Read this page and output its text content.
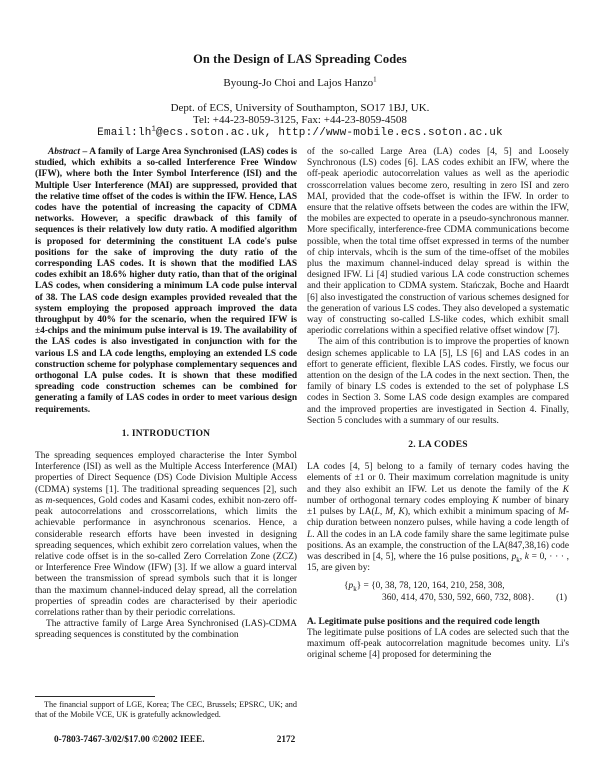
On the Design of LAS Spreading Codes
Byoung-Jo Choi and Lajos Hanzo$^1$
Dept. of ECS, University of Southampton, SO17 1BJ, UK.
Tel: +44-23-8059-3125, Fax: +44-23-8059-4508
$Email:lh^1@ecs.soton.ac.uk$, http://www-mobile.ecs.soton.ac.uk

Abstract – A family of Large Area Synchronised (LAS) codes is studied, which exhibits a so-called Interference Free Window (IFW), where both the Inter Symbol Interference (ISI) and the Multiple User Interference (MAI) are suppressed, provided that the relative time offset of the codes is within the IFW. Hence, LAS codes have the potential of increasing the capacity of CDMA networks. However, a specific drawback of this family of sequences is their relatively low duty ratio. A modified algorithm is proposed for determining the constituent LA code's pulse positions for the sake of improving the duty ratio of the corresponding LAS codes. It is shown that the modified LAS codes exhibit an 18.6% higher duty ratio, than that of the original LAS codes, when considering a minimum LA code pulse interval of 38. The LAS code design examples provided revealed that the system employing the proposed approach improved the data throughput by 40% for the scenario, when the required IFW is ±4-chips and the minimum pulse interval is 19. The availability of the LAS codes is also investigated in conjunction with for the various LS and LA code lengths, employing an extended LS code construction scheme for polyphase complementary sequences and orthogonal LA pulse codes. It is shown that these modified spreading code construction schemes can be combined for generating a family of LAS codes in order to meet various design requirements.

1. INTRODUCTION

The spreading sequences employed characterise the Inter Symbol Interference (ISI) as well as the Multiple Access Interference (MAI) properties of Direct Sequence (DS) Code Division Multiple Access (CDMA) systems [1]. The traditional spreading sequences [2], such as m-sequences, Gold codes and Kasami codes, exhibit non-zero off-peak autocorrelations and crosscorrelations, which limits the achievable performance in asynchronous scenarios. Hence, a considerable research efforts have been invested in designing spreading sequences, which exhibit zero correlation values, when the relative code offset is in the so-called Zero Correlation Zone (ZCZ) or Interference Free Window (IFW) [3]. If we allow a guard interval between the transmission of spread symbols such that it is longer than the maximum channel-induced delay spread, all the correlation properties of spreadin codes are characterised by their aperiodic correlations rather than by their periodic correlations.

The attractive family of Large Area Synchronised (LAS)-CDMA spreading sequences is constituted by the combination

The financial support of LGE, Korea; The CEC, Brussels; EPSRC, UK; and that of the Mobile VCE, UK is gratefully acknowledged.

of the so-called Large Area (LA) codes [4, 5] and Loosely Synchronous (LS) codes [6]. LAS codes exhibit an IFW, where the off-peak aperiodic autocorrelation values as well as the aperiodic crosscorrelation values become zero, resulting in zero ISI and zero MAI, provided that the code-offset is within the IFW. In order to ensure that the relative offsets between the codes are within the IFW, the mobiles are expected to operate in a pseudo-synchronous manner. More specifically, interference-free CDMA communications become possible, when the total time offset expressed in terms of the number of chip intervals, whcih is the sum of the time-offset of the mobiles plus the maximum channel-induced delay spread is within the designed IFW. Li [4] studied various LA code construction schemes and their application to CDMA system. Stańczak, Boche and Haardt [6] also investigated the construction of various schemes designed for the generation of various LS codes. They also developed a systematic way of constructing so-called LS-like codes, which exhibit small aperiodic correlations within a specified relative offset window [7].

The aim of this contribution is to improve the properties of known design schemes applicable to LA [5], LS [6] and LAS codes in an effort to generate efficient, flexible LAS codes. Firstly, we focus our attention on the design of the LA codes in the next section. Then, the family of binary LS codes is extended to the set of polyphase LS codes in Section 3. Some LAS code design examples are compared and the improved properties are investigated in Section 4. Finally, Section 5 concludes with a summary of our results.

2. LA CODES

LA codes [4, 5] belong to a family of ternary codes having the elements of ±1 or 0. Their maximum correlation magnitude is unity and they also exhibit an IFW. Let us denote the family of the K number of orthogonal ternary codes employing K number of binary ±1 pulses by LA(L, M, K), which exhibit a minimum spacing of M-chip duration between nonzero pulses, while having a code length of L. All the codes in an LA code family share the same legitimate pulse positions. As an example, the construction of the LA(847,38,16) code was described in [4, 5], where the 16 pulse positions, $p_k$, k = 0, · · · , 15, are given by:

$\{p_k\} = \{0$, 38, 78, 120, 164, 210, 258, 308,
360, 414, 470, 530, 592, 660, 732, 808}.	(1)

A. Legitimate pulse positions and the required code length

The legitimate pulse positions of LA codes are selected such that the maximum off-peak autocorrelation magnitude becomes unity. Li's original scheme [4] proposed for determining the

0-7803-7467-3/02/$17.00 ©2002 IEEE.	2172
